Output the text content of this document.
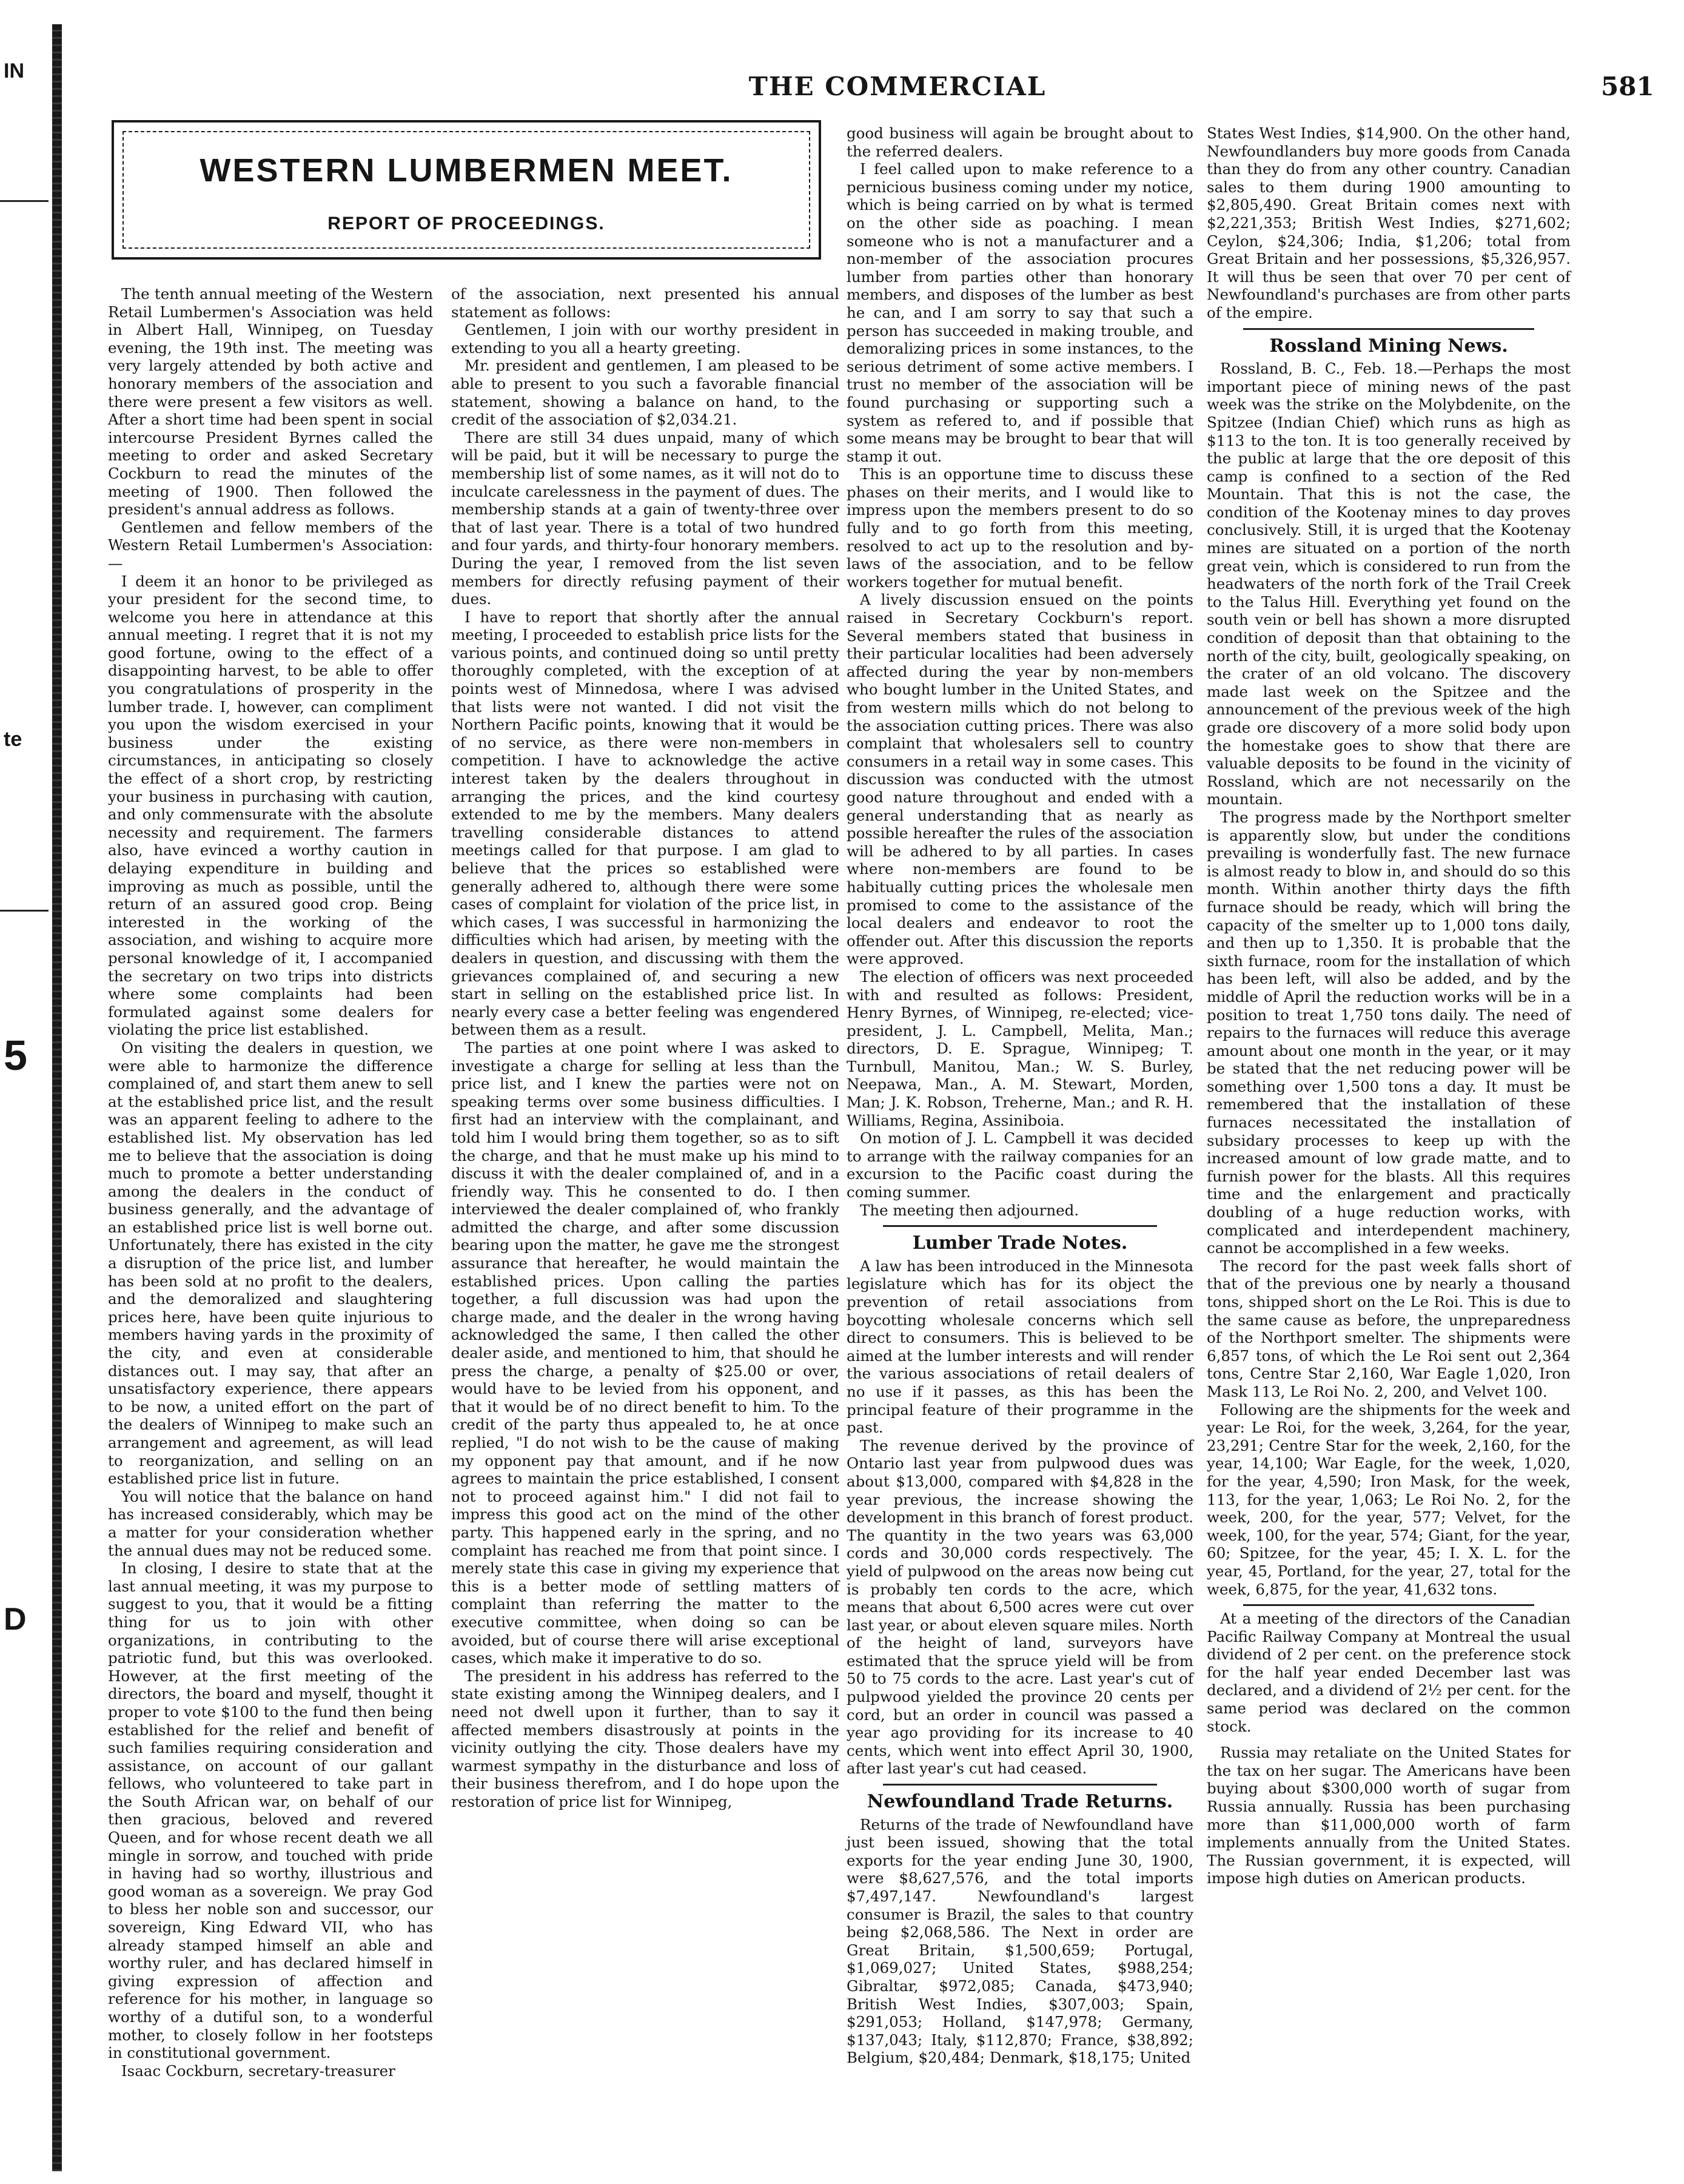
IN
te
5
D
THE COMMERCIAL	581
WESTERN LUMBERMEN MEET.
REPORT OF PROCEEDINGS.

The tenth annual meeting of the Western Retail Lumbermen's Association was held in Albert Hall, Winnipeg, on Tuesday evening, the 19th inst. The meeting was very largely attended by both active and honorary members of the association and there were present a few visitors as well. After a short time had been spent in social intercourse President Byrnes called the meeting to order and asked Secretary Cockburn to read the minutes of the meeting of 1900. Then followed the president's annual address as follows.

Gentlemen and fellow members of the Western Retail Lumbermen's Association:—

I deem it an honor to be privileged as your president for the second time, to welcome you here in attendance at this annual meeting. I regret that it is not my good fortune, owing to the effect of a disappointing harvest, to be able to offer you congratulations of prosperity in the lumber trade. I, however, can compliment you upon the wisdom exercised in your business under the existing circumstances, in anticipating so closely the effect of a short crop, by restricting your business in purchasing with caution, and only commensurate with the absolute necessity and requirement. The farmers also, have evinced a worthy caution in delaying expenditure in building and improving as much as possible, until the return of an assured good crop. Being interested in the working of the association, and wishing to acquire more personal knowledge of it, I accompanied the secretary on two trips into districts where some complaints had been formulated against some dealers for violating the price list established.

On visiting the dealers in question, we were able to harmonize the difference complained of, and start them anew to sell at the established price list, and the result was an apparent feeling to adhere to the established list. My observation has led me to believe that the association is doing much to promote a better understanding among the dealers in the conduct of business generally, and the advantage of an established price list is well borne out. Unfortunately, there has existed in the city a disruption of the price list, and lumber has been sold at no profit to the dealers, and the demoralized and slaughtering prices here, have been quite injurious to members having yards in the proximity of the city, and even at considerable distances out. I may say, that after an unsatisfactory experience, there appears to be now, a united effort on the part of the dealers of Winnipeg to make such an arrangement and agreement, as will lead to reorganization, and selling on an established price list in future.

You will notice that the balance on hand has increased considerably, which may be a matter for your consideration whether the annual dues may not be reduced some.

In closing, I desire to state that at the last annual meeting, it was my purpose to suggest to you, that it would be a fitting thing for us to join with other organizations, in contributing to the patriotic fund, but this was overlooked. However, at the first meeting of the directors, the board and myself, thought it proper to vote $100 to the fund then being established for the relief and benefit of such families requiring consideration and assistance, on account of our gallant fellows, who volunteered to take part in the South African war, on behalf of our then gracious, beloved and revered Queen, and for whose recent death we all mingle in sorrow, and touched with pride in having had so worthy, illustrious and good woman as a sovereign. We pray God to bless her noble son and successor, our sovereign, King Edward VII, who has already stamped himself an able and worthy ruler, and has declared himself in giving expression of affection and reference for his mother, in language so worthy of a dutiful son, to a wonderful mother, to closely follow in her footsteps in constitutional government.

Isaac Cockburn, secretary-treasurer

of the association, next presented his annual statement as follows:

Gentlemen, I join with our worthy president in extending to you all a hearty greeting.

Mr. president and gentlemen, I am pleased to be able to present to you such a favorable financial statement, showing a balance on hand, to the credit of the association of $2,034.21.

There are still 34 dues unpaid, many of which will be paid, but it will be necessary to purge the membership list of some names, as it will not do to inculcate carelessness in the payment of dues. The membership stands at a gain of twenty-three over that of last year. There is a total of two hundred and four yards, and thirty-four honorary members. During the year, I removed from the list seven members for directly refusing payment of their dues.

I have to report that shortly after the annual meeting, I proceeded to establish price lists for the various points, and continued doing so until pretty thoroughly completed, with the exception of at points west of Minnedosa, where I was advised that lists were not wanted. I did not visit the Northern Pacific points, knowing that it would be of no service, as there were non-members in competition. I have to acknowledge the active interest taken by the dealers throughout in arranging the prices, and the kind courtesy extended to me by the members. Many dealers travelling considerable distances to attend meetings called for that purpose. I am glad to believe that the prices so established were generally adhered to, although there were some cases of complaint for violation of the price list, in which cases, I was successful in harmonizing the difficulties which had arisen, by meeting with the dealers in question, and discussing with them the grievances complained of, and securing a new start in selling on the established price list. In nearly every case a better feeling was engendered between them as a result.

The parties at one point where I was asked to investigate a charge for selling at less than the price list, and I knew the parties were not on speaking terms over some business difficulties. I first had an interview with the complainant, and told him I would bring them together, so as to sift the charge, and that he must make up his mind to discuss it with the dealer complained of, and in a friendly way. This he consented to do. I then interviewed the dealer complained of, who frankly admitted the charge, and after some discussion bearing upon the matter, he gave me the strongest assurance that hereafter, he would maintain the established prices. Upon calling the parties together, a full discussion was had upon the charge made, and the dealer in the wrong having acknowledged the same, I then called the other dealer aside, and mentioned to him, that should he press the charge, a penalty of $25.00 or over, would have to be levied from his opponent, and that it would be of no direct benefit to him. To the credit of the party thus appealed to, he at once replied, "I do not wish to be the cause of making my opponent pay that amount, and if he now agrees to maintain the price established, I consent not to proceed against him." I did not fail to impress this good act on the mind of the other party. This happened early in the spring, and no complaint has reached me from that point since. I merely state this case in giving my experience that this is a better mode of settling matters of complaint than referring the matter to the executive committee, when doing so can be avoided, but of course there will arise exceptional cases, which make it imperative to do so.

The president in his address has referred to the state existing among the Winnipeg dealers, and I need not dwell upon it further, than to say it affected members disastrously at points in the vicinity outlying the city. Those dealers have my warmest sympathy in the disturbance and loss of their business therefrom, and I do hope upon the restoration of price list for Winnipeg,

good business will again be brought about to the referred dealers.

I feel called upon to make reference to a pernicious business coming under my notice, which is being carried on by what is termed on the other side as poaching. I mean someone who is not a manufacturer and a non-member of the association procures lumber from parties other than honorary members, and disposes of the lumber as best he can, and I am sorry to say that such a person has succeeded in making trouble, and demoralizing prices in some instances, to the serious detriment of some active members. I trust no member of the association will be found purchasing or supporting such a system as refered to, and if possible that some means may be brought to bear that will stamp it out.

This is an opportune time to discuss these phases on their merits, and I would like to impress upon the members present to do so fully and to go forth from this meeting, resolved to act up to the resolution and by-laws of the association, and to be fellow workers together for mutual benefit.

A lively discussion ensued on the points raised in Secretary Cockburn's report. Several members stated that business in their particular localities had been adversely affected during the year by non-members who bought lumber in the United States, and from western mills which do not belong to the association cutting prices. There was also complaint that wholesalers sell to country consumers in a retail way in some cases. This discussion was conducted with the utmost good nature throughout and ended with a general understanding that as nearly as possible hereafter the rules of the association will be adhered to by all parties. In cases where non-members are found to be habitually cutting prices the wholesale men promised to come to the assistance of the local dealers and endeavor to root the offender out. After this discussion the reports were approved.

The election of officers was next proceeded with and resulted as follows: President, Henry Byrnes, of Winnipeg, re-elected; vice-president, J. L. Campbell, Melita, Man.; directors, D. E. Sprague, Winnipeg; T. Turnbull, Manitou, Man.; W. S. Burley, Neepawa, Man., A. M. Stewart, Morden, Man; J. K. Robson, Treherne, Man.; and R. H. Williams, Regina, Assiniboia.

On motion of J. L. Campbell it was decided to arrange with the railway companies for an excursion to the Pacific coast during the coming summer.

The meeting then adjourned.

Lumber Trade Notes.

A law has been introduced in the Minnesota legislature which has for its object the prevention of retail associations from boycotting wholesale concerns which sell direct to consumers. This is believed to be aimed at the lumber interests and will render the various associations of retail dealers of no use if it passes, as this has been the principal feature of their programme in the past.

The revenue derived by the province of Ontario last year from pulpwood dues was about $13,000, compared with $4,828 in the year previous, the increase showing the development in this branch of forest product. The quantity in the two years was 63,000 cords and 30,000 cords respectively. The yield of pulpwood on the areas now being cut is probably ten cords to the acre, which means that about 6,500 acres were cut over last year, or about eleven square miles. North of the height of land, surveyors have estimated that the spruce yield will be from 50 to 75 cords to the acre. Last year's cut of pulpwood yielded the province 20 cents per cord, but an order in council was passed a year ago providing for its increase to 40 cents, which went into effect April 30, 1900, after last year's cut had ceased.

Newfoundland Trade Returns.

Returns of the trade of Newfoundland have just been issued, showing that the total exports for the year ending June 30, 1900, were $8,627,576, and the total imports $7,497,147. Newfoundland's largest consumer is Brazil, the sales to that country being $2,068,586. The Next in order are Great Britain, $1,500,659; Portugal, $1,069,027; United States, $988,254; Gibraltar, $972,085; Canada, $473,940; British West Indies, $307,003; Spain, $291,053; Holland, $147,978; Germany, $137,043; Italy, $112,870; France, $38,892; Belgium, $20,484; Denmark, $18,175; United

States West Indies, $14,900. On the other hand, Newfoundlanders buy more goods from Canada than they do from any other country. Canadian sales to them during 1900 amounting to $2,805,490. Great Britain comes next with $2,221,353; British West Indies, $271,602; Ceylon, $24,306; India, $1,206; total from Great Britain and her possessions, $5,326,957. It will thus be seen that over 70 per cent of Newfoundland's purchases are from other parts of the empire.

Rossland Mining News.

Rossland, B. C., Feb. 18.—Perhaps the most important piece of mining news of the past week was the strike on the Molybdenite, on the Spitzee (Indian Chief) which runs as high as $113 to the ton. It is too generally received by the public at large that the ore deposit of this camp is confined to a section of the Red Mountain. That this is not the case, the condition of the Kootenay mines to day proves conclusively. Still, it is urged that the Kootenay mines are situated on a portion of the north great vein, which is considered to run from the headwaters of the north fork of the Trail Creek to the Talus Hill. Everything yet found on the south vein or bell has shown a more disrupted condition of deposit than that obtaining to the north of the city, built, geologically speaking, on the crater of an old volcano. The discovery made last week on the Spitzee and the announcement of the previous week of the high grade ore discovery of a more solid body upon the homestake goes to show that there are valuable deposits to be found in the vicinity of Rossland, which are not necessarily on the mountain.

The progress made by the Northport smelter is apparently slow, but under the conditions prevailing is wonderfully fast. The new furnace is almost ready to blow in, and should do so this month. Within another thirty days the fifth furnace should be ready, which will bring the capacity of the smelter up to 1,000 tons daily, and then up to 1,350. It is probable that the sixth furnace, room for the installation of which has been left, will also be added, and by the middle of April the reduction works will be in a position to treat 1,750 tons daily. The need of repairs to the furnaces will reduce this average amount about one month in the year, or it may be stated that the net reducing power will be something over 1,500 tons a day. It must be remembered that the installation of these furnaces necessitated the installation of subsidary processes to keep up with the increased amount of low grade matte, and to furnish power for the blasts. All this requires time and the enlargement and practically doubling of a huge reduction works, with complicated and interdependent machinery, cannot be accomplished in a few weeks.

The record for the past week falls short of that of the previous one by nearly a thousand tons, shipped short on the Le Roi. This is due to the same cause as before, the unpreparedness of the Northport smelter. The shipments were 6,857 tons, of which the Le Roi sent out 2,364 tons, Centre Star 2,160, War Eagle 1,020, Iron Mask 113, Le Roi No. 2, 200, and Velvet 100.

Following are the shipments for the week and year: Le Roi, for the week, 3,264, for the year, 23,291; Centre Star for the week, 2,160, for the year, 14,100; War Eagle, for the week, 1,020, for the year, 4,590; Iron Mask, for the week, 113, for the year, 1,063; Le Roi No. 2, for the week, 200, for the year, 577; Velvet, for the week, 100, for the year, 574; Giant, for the year, 60; Spitzee, for the year, 45; I. X. L. for the year, 45, Portland, for the year, 27, total for the week, 6,875, for the year, 41,632 tons.

At a meeting of the directors of the Canadian Pacific Railway Company at Montreal the usual dividend of 2 per cent. on the preference stock for the half year ended December last was declared, and a dividend of 2½ per cent. for the same period was declared on the common stock.

Russia may retaliate on the United States for the tax on her sugar. The Americans have been buying about $300,000 worth of sugar from Russia annually. Russia has been purchasing more than $11,000,000 worth of farm implements annually from the United States. The Russian government, it is expected, will impose high duties on American products.
